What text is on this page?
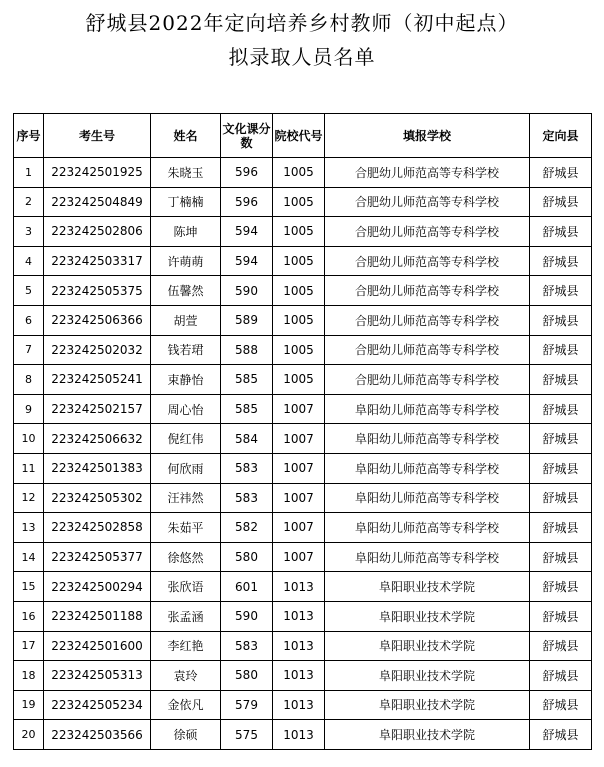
舒城县2022年定向培养乡村教师（初中起点）
拟录取人员名单
序号	考生号	姓名	文化课分数	院校代号	填报学校	定向县
1	223242501925	朱晓玉	596	1005	合肥幼儿师范高等专科学校	舒城县
2	223242504849	丁楠楠	596	1005	合肥幼儿师范高等专科学校	舒城县
3	223242502806	陈坤	594	1005	合肥幼儿师范高等专科学校	舒城县
4	223242503317	许萌萌	594	1005	合肥幼儿师范高等专科学校	舒城县
5	223242505375	伍馨然	590	1005	合肥幼儿师范高等专科学校	舒城县
6	223242506366	胡萱	589	1005	合肥幼儿师范高等专科学校	舒城县
7	223242502032	钱若珺	588	1005	合肥幼儿师范高等专科学校	舒城县
8	223242505241	束静怡	585	1005	合肥幼儿师范高等专科学校	舒城县
9	223242502157	周心怡	585	1007	阜阳幼儿师范高等专科学校	舒城县
10	223242506632	倪红伟	584	1007	阜阳幼儿师范高等专科学校	舒城县
11	223242501383	何欣雨	583	1007	阜阳幼儿师范高等专科学校	舒城县
12	223242505302	汪祎然	583	1007	阜阳幼儿师范高等专科学校	舒城县
13	223242502858	朱茹平	582	1007	阜阳幼儿师范高等专科学校	舒城县
14	223242505377	徐悠然	580	1007	阜阳幼儿师范高等专科学校	舒城县
15	223242500294	张欣语	601	1013	阜阳职业技术学院	舒城县
16	223242501188	张孟涵	590	1013	阜阳职业技术学院	舒城县
17	223242501600	李红艳	583	1013	阜阳职业技术学院	舒城县
18	223242505313	袁玲	580	1013	阜阳职业技术学院	舒城县
19	223242505234	金依凡	579	1013	阜阳职业技术学院	舒城县
20	223242503566	徐硕	575	1013	阜阳职业技术学院	舒城县
